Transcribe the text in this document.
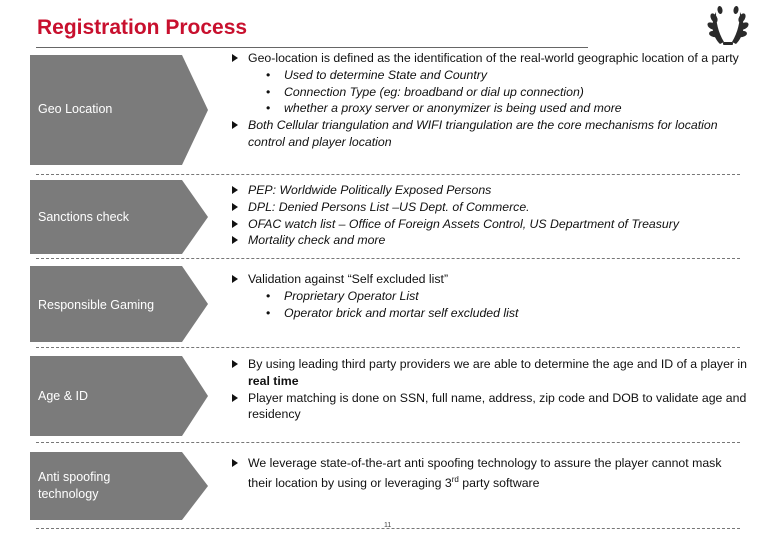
Registration Process
Geo Location
Sanctions check
Responsible Gaming
Age & ID
Anti spoofing
technology
Geo-location is defined as the identification of the real-world geographic location of a party
• Used to determine State and Country
• Connection Type (eg: broadband or dial up connection)
• whether a proxy server or anonymizer is being used and more
Both Cellular triangulation and WIFI triangulation are the core mechanisms for location control and player location
PEP: Worldwide Politically Exposed Persons
DPL: Denied Persons List –US Dept. of Commerce.
OFAC watch list – Office of Foreign Assets Control, US Department of Treasury
Mortality check and more
Validation against “Self excluded list”
• Proprietary Operator List
• Operator brick and mortar self excluded list
By using leading third party providers we are able to determine the age and ID of a player in real time
Player matching is done on SSN, full name, address, zip code and DOB to validate age and residency
We leverage state-of-the-art anti spoofing technology to assure the player cannot mask their location by using or leveraging 3rd party software
11
